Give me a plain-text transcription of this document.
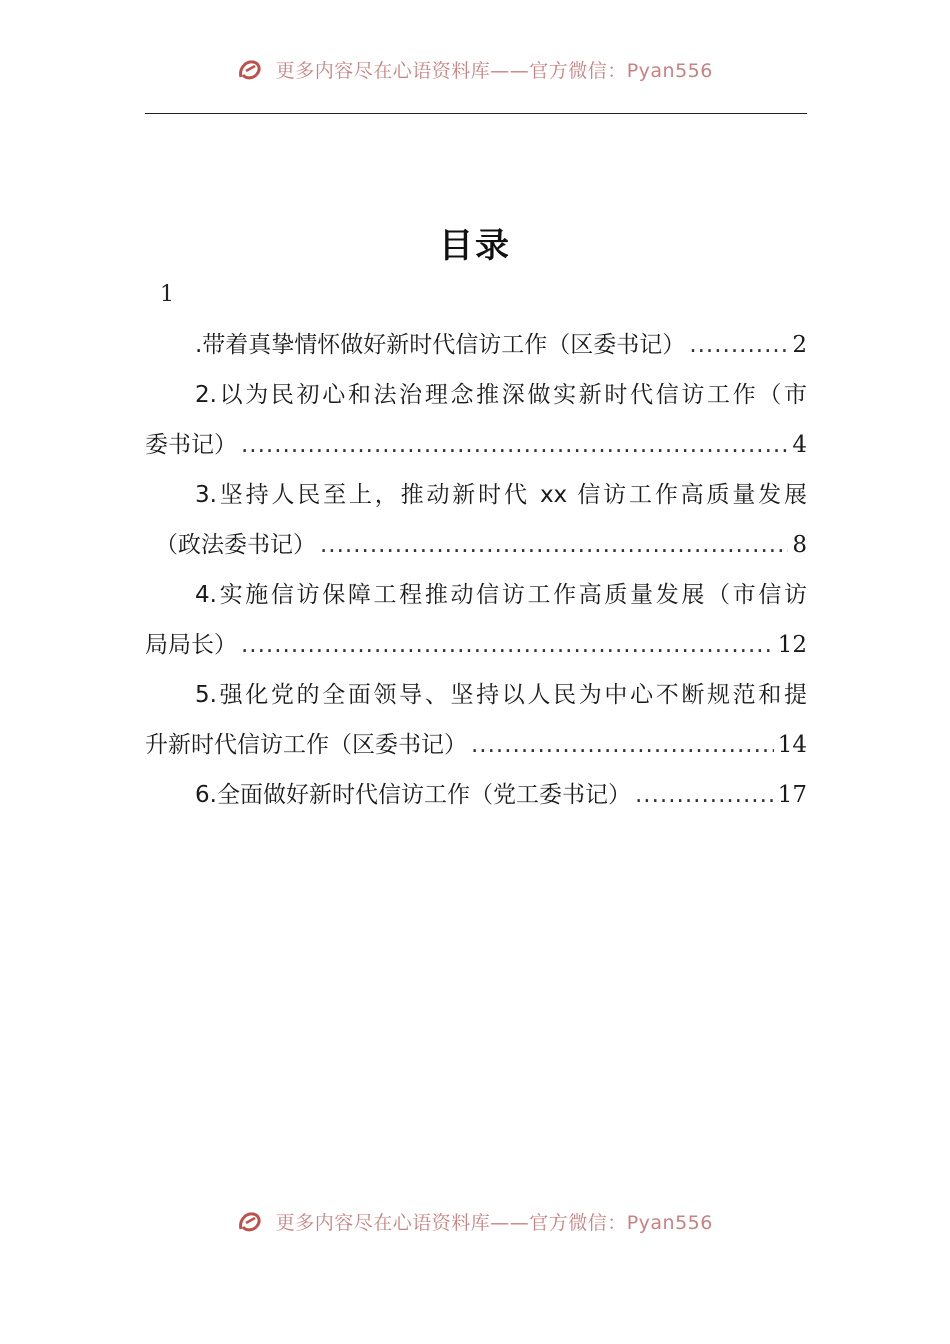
更多内容尽在心语资料库——官方微信：Pyan556
目录
1
.带着真挚情怀做好新时代信访工作（区委书记） .....	2
2.以为民初心和法治理念推深做实新时代信访工作（市
委书记） .....	4
3.坚持人民至上，推动新时代 xx 信访工作高质量发展
（政法委书记） .....	8
4.实施信访保障工程推动信访工作高质量发展（市信访
局局长） .....	12
5.强化党的全面领导、坚持以人民为中心不断规范和提
升新时代信访工作（区委书记） .....	14
6.全面做好新时代信访工作（党工委书记） .....	17
更多内容尽在心语资料库——官方微信：Pyan556
